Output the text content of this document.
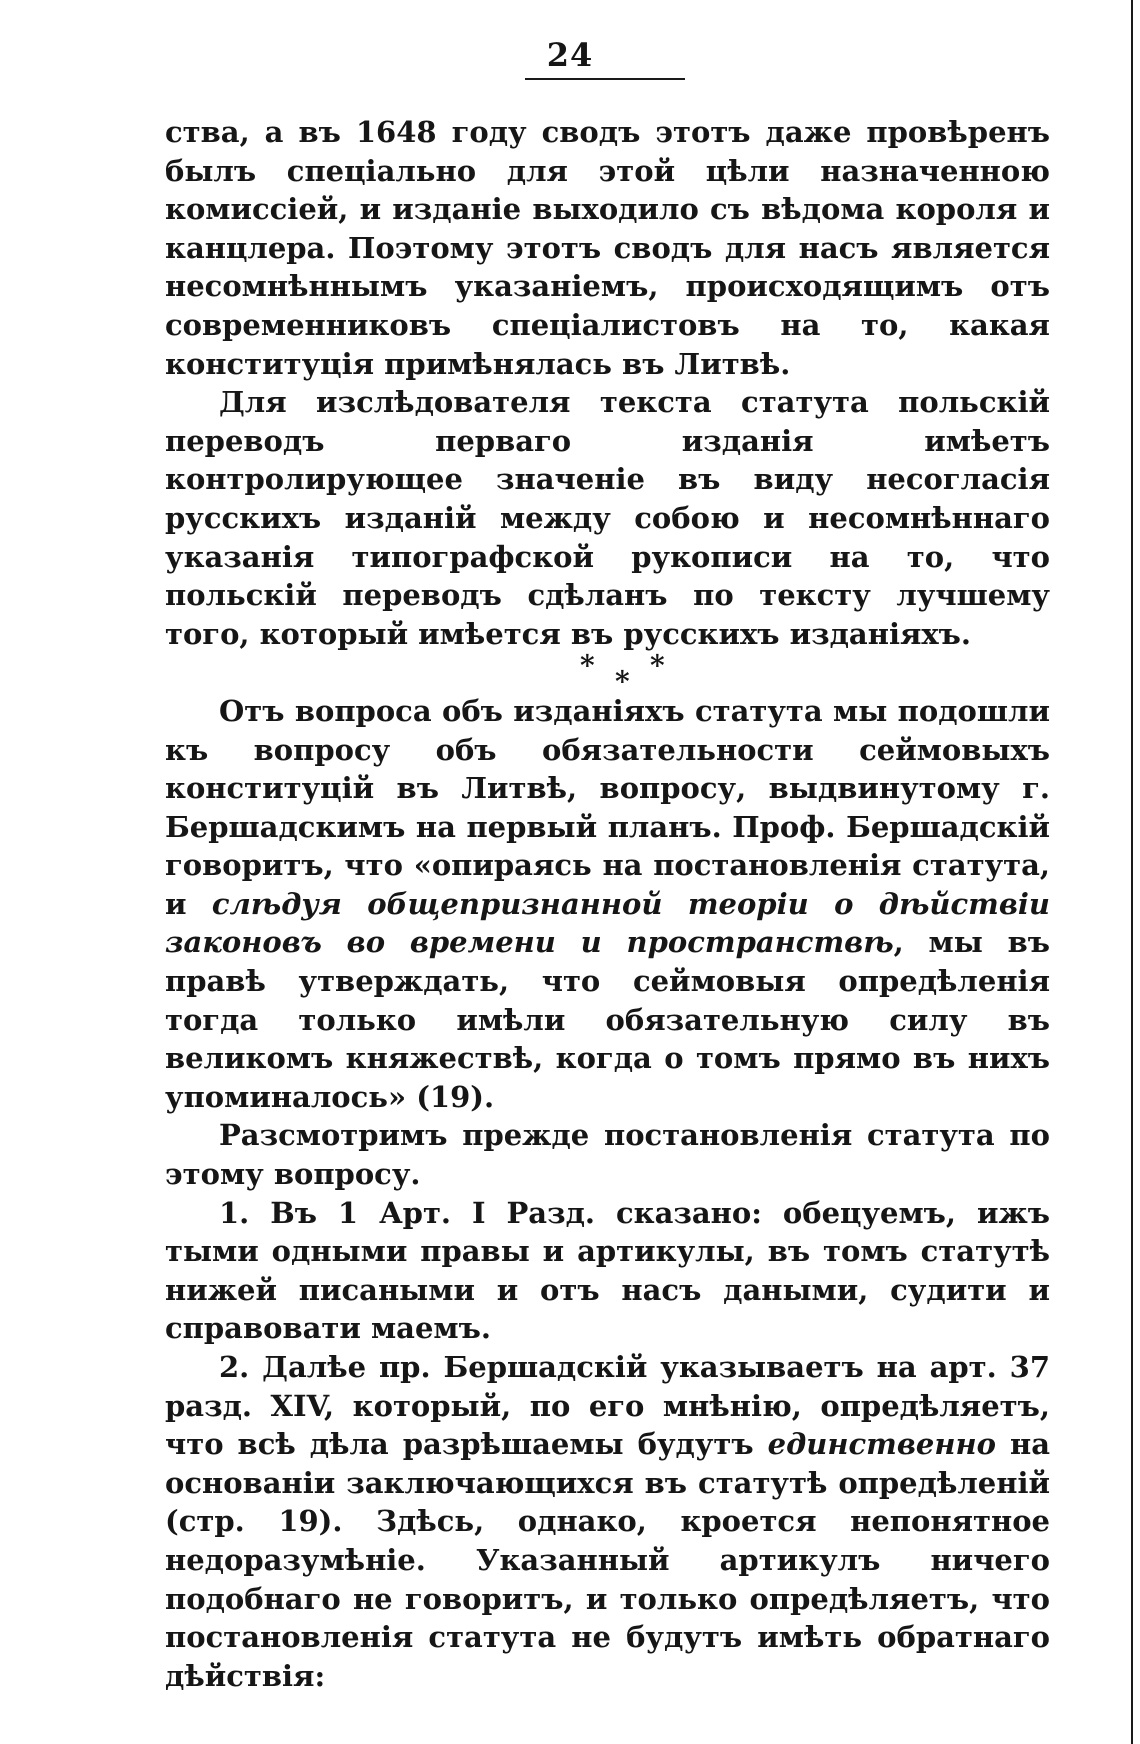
24

ства, а въ 1648 году сводъ этотъ даже провѣренъ былъ спеціально для этой цѣли назначенною комиссіей, и изданіе выходило съ вѣдома короля и канцлера. Поэтому этотъ сводъ для насъ является несомнѣннымъ указаніемъ, происходящимъ отъ современниковъ спеціалистовъ на то, какая конституція примѣнялась въ Литвѣ.

Для изслѣдователя текста статута польскій переводъ перваго изданія имѣетъ контролирующее значеніе въ виду несогласія русскихъ изданій между собою и несомнѣннаго указанія типографской рукописи на то, что польскій переводъ сдѣланъ по тексту лучшему того, который имѣется въ русскихъ изданіяхъ.

* * *

Отъ вопроса объ изданіяхъ статута мы подошли къ вопросу объ обязательности сеймовыхъ конституцій въ Литвѣ, вопросу, выдвинутому г. Бершадскимъ на первый планъ. Проф. Бершадскій говоритъ, что «опираясь на постановленія статута, и слѣдуя общепризнанной теоріи о дѣйствіи законовъ во времени и пространствѣ, мы въ правѣ утверждать, что сеймовыя опредѣленія тогда только имѣли обязательную силу въ великомъ княжествѣ, когда о томъ прямо въ нихъ упоминалось» (19).

Разсмотримъ прежде постановленія статута по этому вопросу.

1. Въ 1 Арт. I Разд. сказано: обецуемъ, ижъ тыми одными правы и артикулы, въ томъ статутѣ нижей писаными и отъ насъ даными, судити и справовати маемъ.

2. Далѣе пр. Бершадскій указываетъ на арт. 37 разд. XIV, который, по его мнѣнію, опредѣляетъ, что всѣ дѣла разрѣшаемы будутъ единственно на основаніи заключающихся въ статутѣ опредѣленій (стр. 19). Здѣсь, однако, кроется непонятное недоразумѣніе. Указанный артикулъ ничего подобнаго не говоритъ, и только опредѣляетъ, что постановленія статута не будутъ имѣть обратнаго дѣйствія:
